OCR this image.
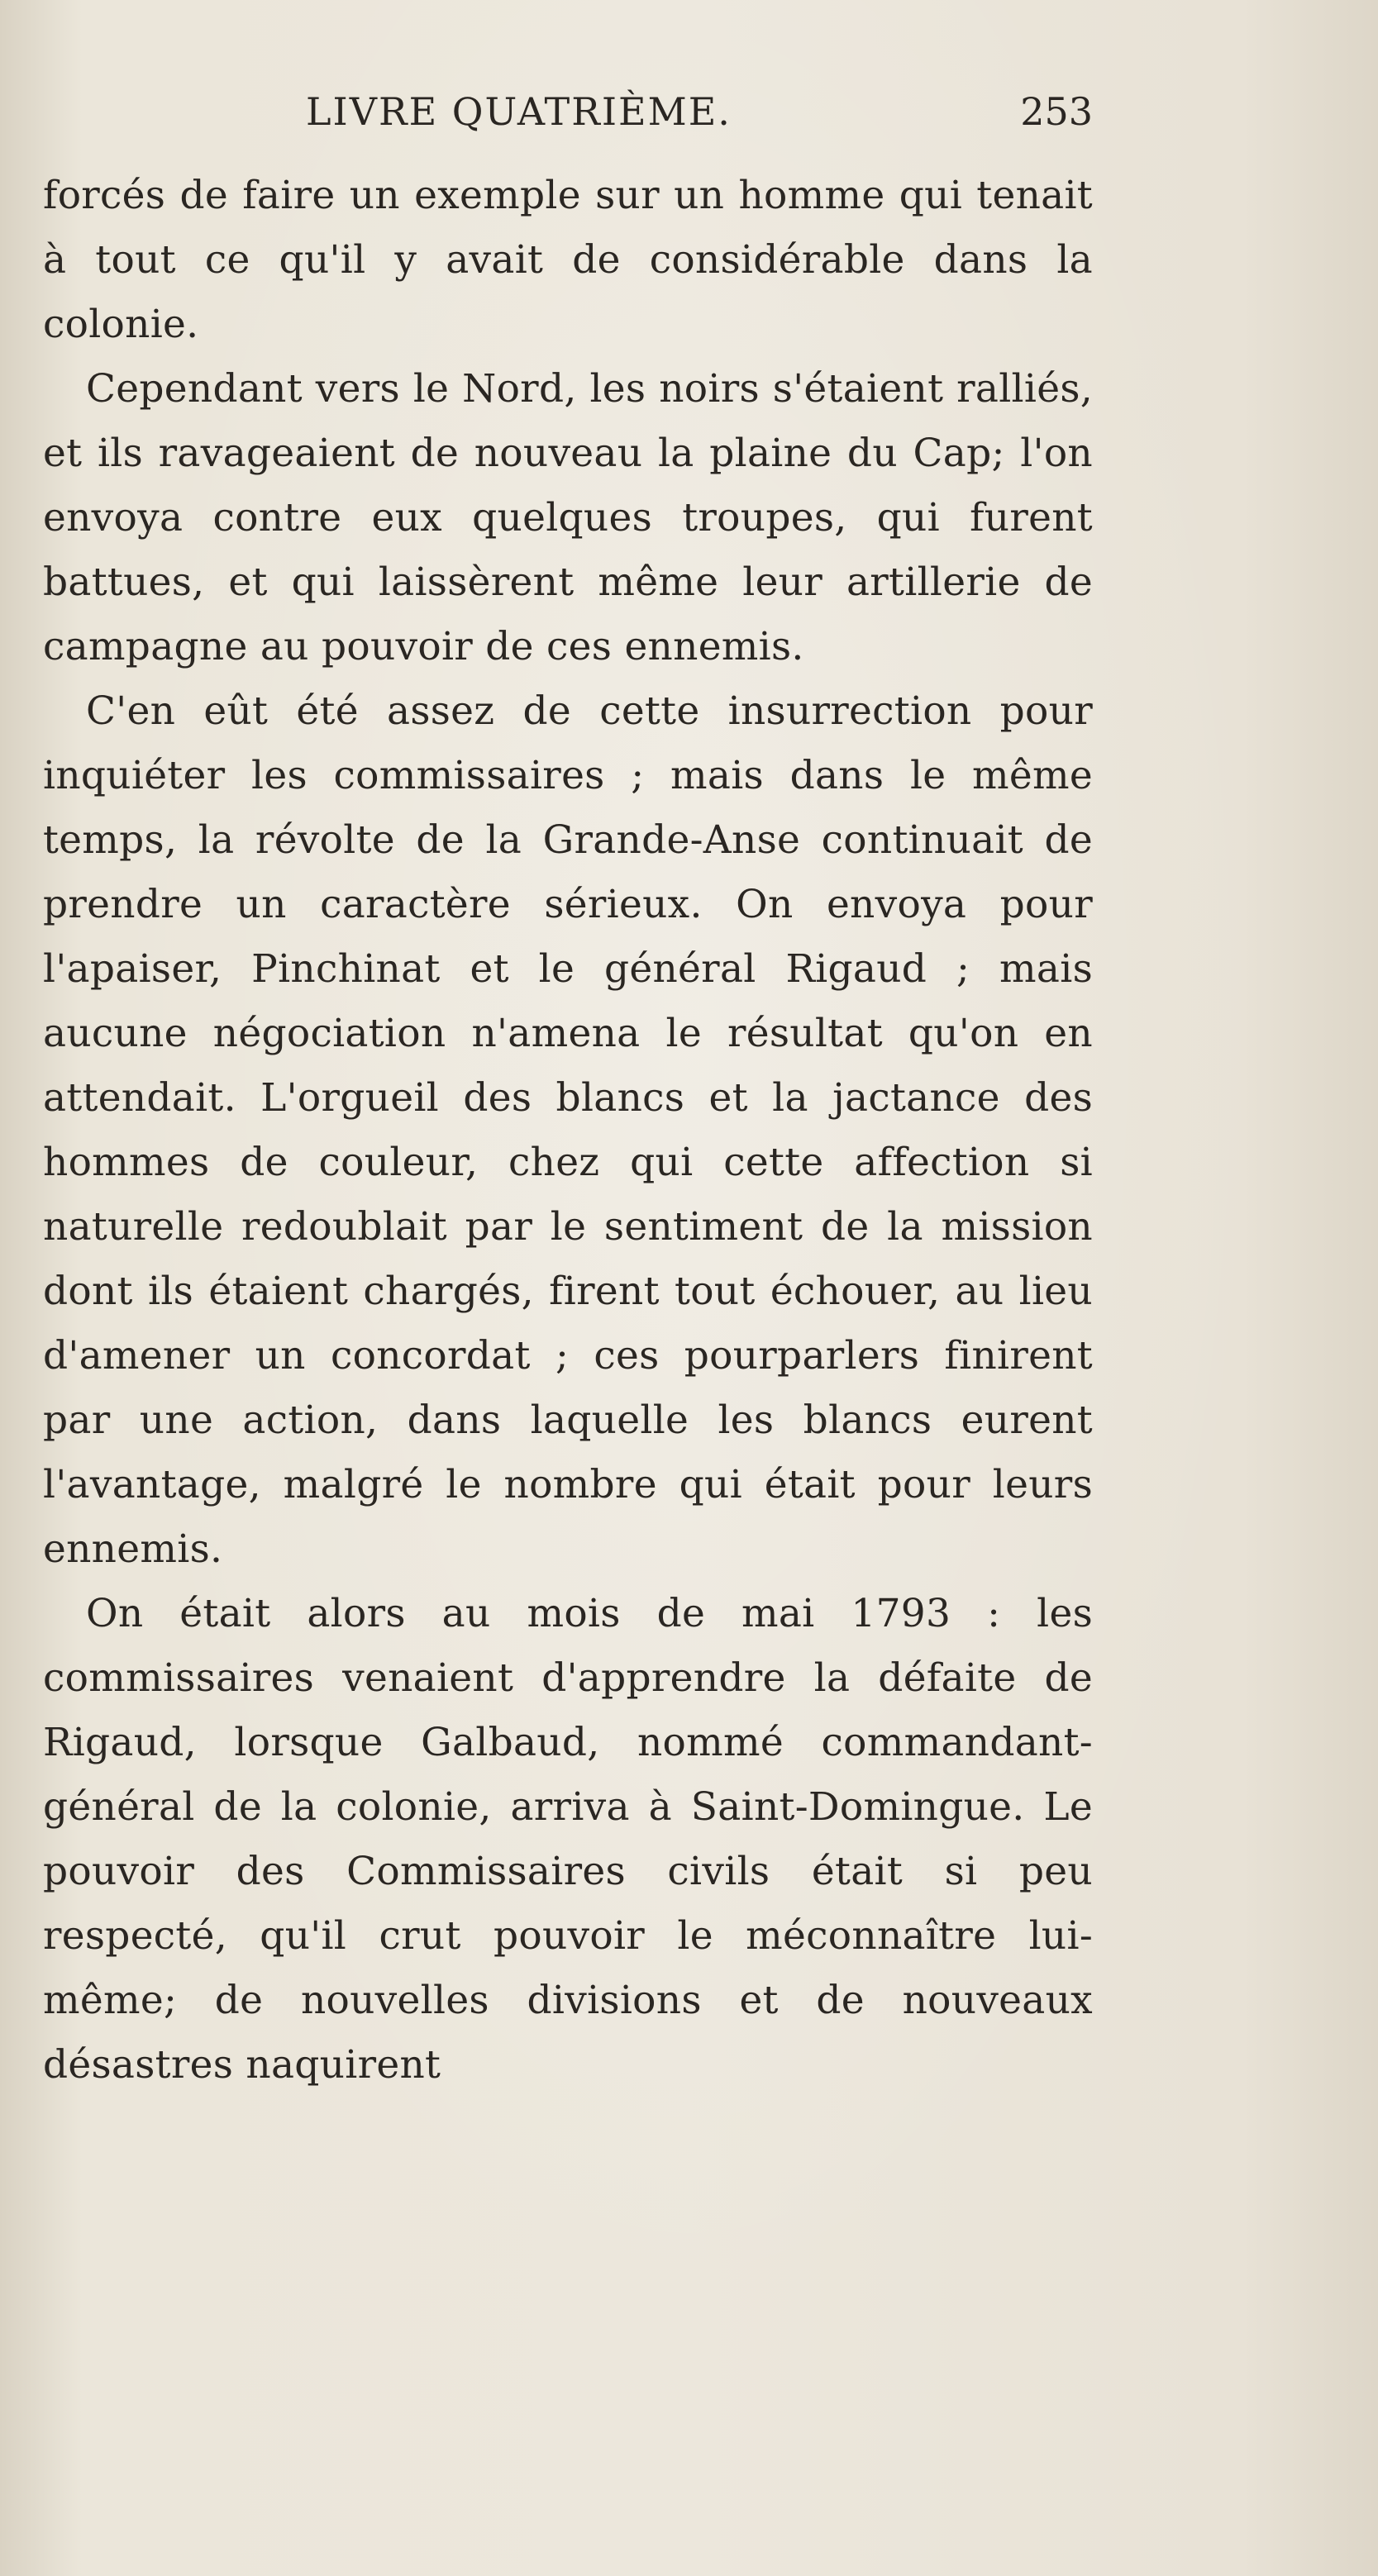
LIVRE QUATRIÈME.	253

forcés de faire un exemple sur un homme qui tenait à tout ce qu'il y avait de considérable dans la colonie.

Cependant vers le Nord, les noirs s'étaient ralliés, et ils ravageaient de nouveau la plaine du Cap; l'on envoya contre eux quelques troupes, qui furent battues, et qui laissèrent même leur artillerie de campagne au pouvoir de ces ennemis.

C'en eût été assez de cette insurrection pour inquiéter les commissaires ; mais dans le même temps, la révolte de la Grande-Anse continuait de prendre un caractère sérieux. On envoya pour l'apaiser, Pinchinat et le général Rigaud ; mais aucune négociation n'amena le résultat qu'on en attendait. L'orgueil des blancs et la jactance des hommes de couleur, chez qui cette affection si naturelle redoublait par le sentiment de la mission dont ils étaient chargés, firent tout échouer, au lieu d'amener un concordat ; ces pourparlers finirent par une action, dans laquelle les blancs eurent l'avantage, malgré le nombre qui était pour leurs ennemis.

On était alors au mois de mai 1793 : les commissaires venaient d'apprendre la défaite de Rigaud, lorsque Galbaud, nommé commandant-général de la colonie, arriva à Saint-Domingue. Le pouvoir des Commissaires civils était si peu respecté, qu'il crut pouvoir le méconnaître lui-même; de nouvelles divisions et de nouveaux désastres naquirent
